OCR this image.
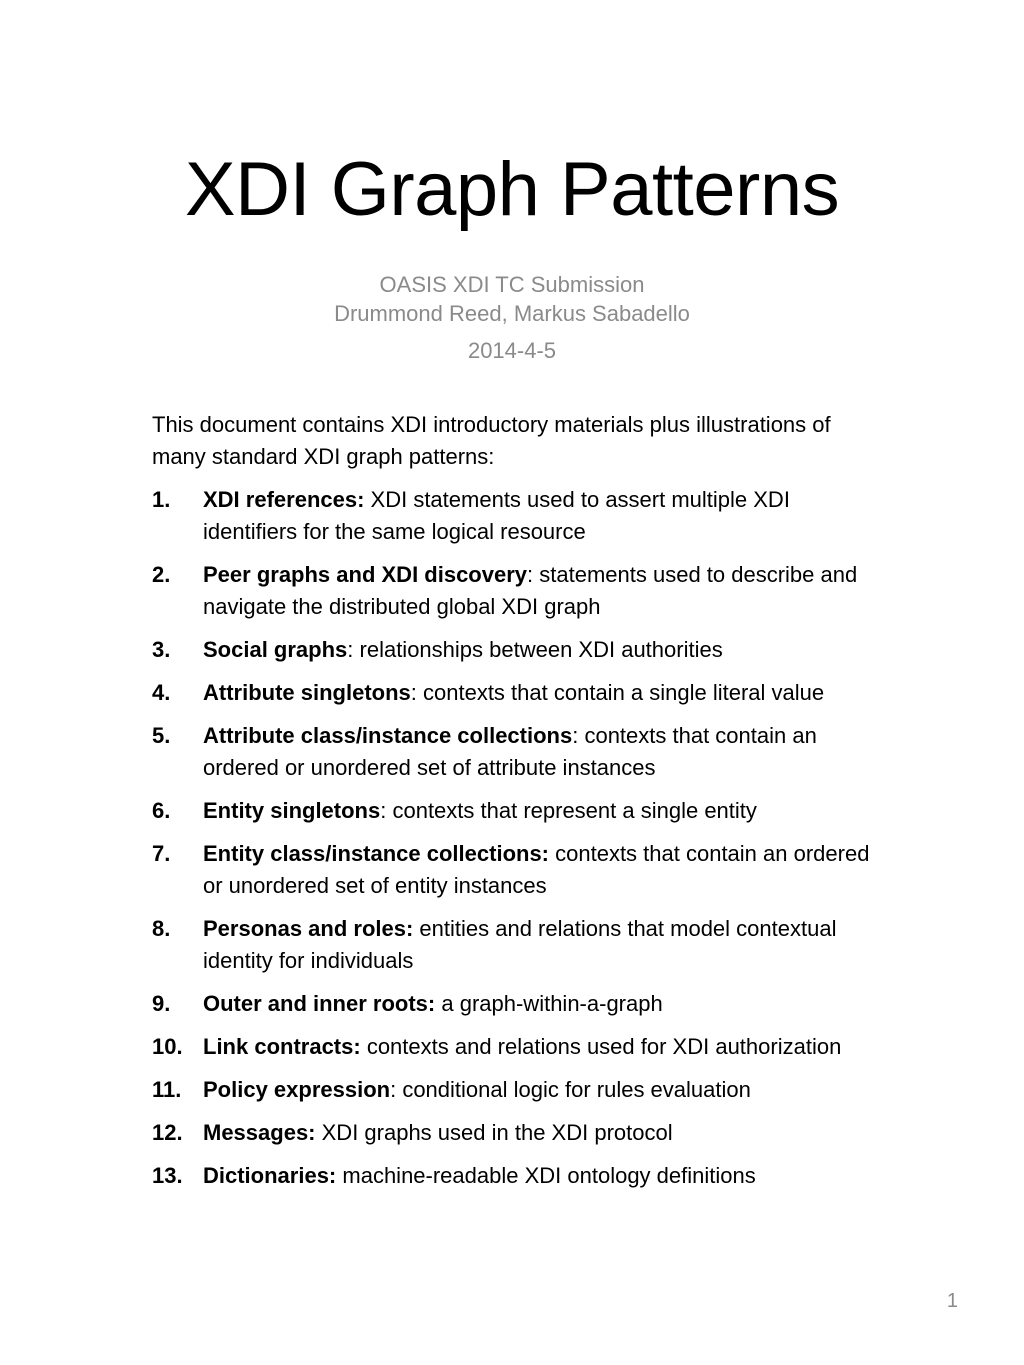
XDI Graph Patterns
OASIS XDI TC Submission
Drummond Reed, Markus Sabadello
2014-4-5
This document contains XDI introductory materials plus illustrations of many standard XDI graph patterns:
1. XDI references: XDI statements used to assert multiple XDI identifiers for the same logical resource
2. Peer graphs and XDI discovery: statements used to describe and navigate the distributed global XDI graph
3. Social graphs: relationships between XDI authorities
4. Attribute singletons: contexts that contain a single literal value
5. Attribute class/instance collections: contexts that contain an ordered or unordered set of attribute instances
6. Entity singletons: contexts that represent a single entity
7. Entity class/instance collections: contexts that contain an ordered or unordered set of entity instances
8. Personas and roles: entities and relations that model contextual identity for individuals
9. Outer and inner roots: a graph-within-a-graph
10. Link contracts: contexts and relations used for XDI authorization
11. Policy expression: conditional logic for rules evaluation
12. Messages: XDI graphs used in the XDI protocol
13. Dictionaries: machine-readable XDI ontology definitions
1
